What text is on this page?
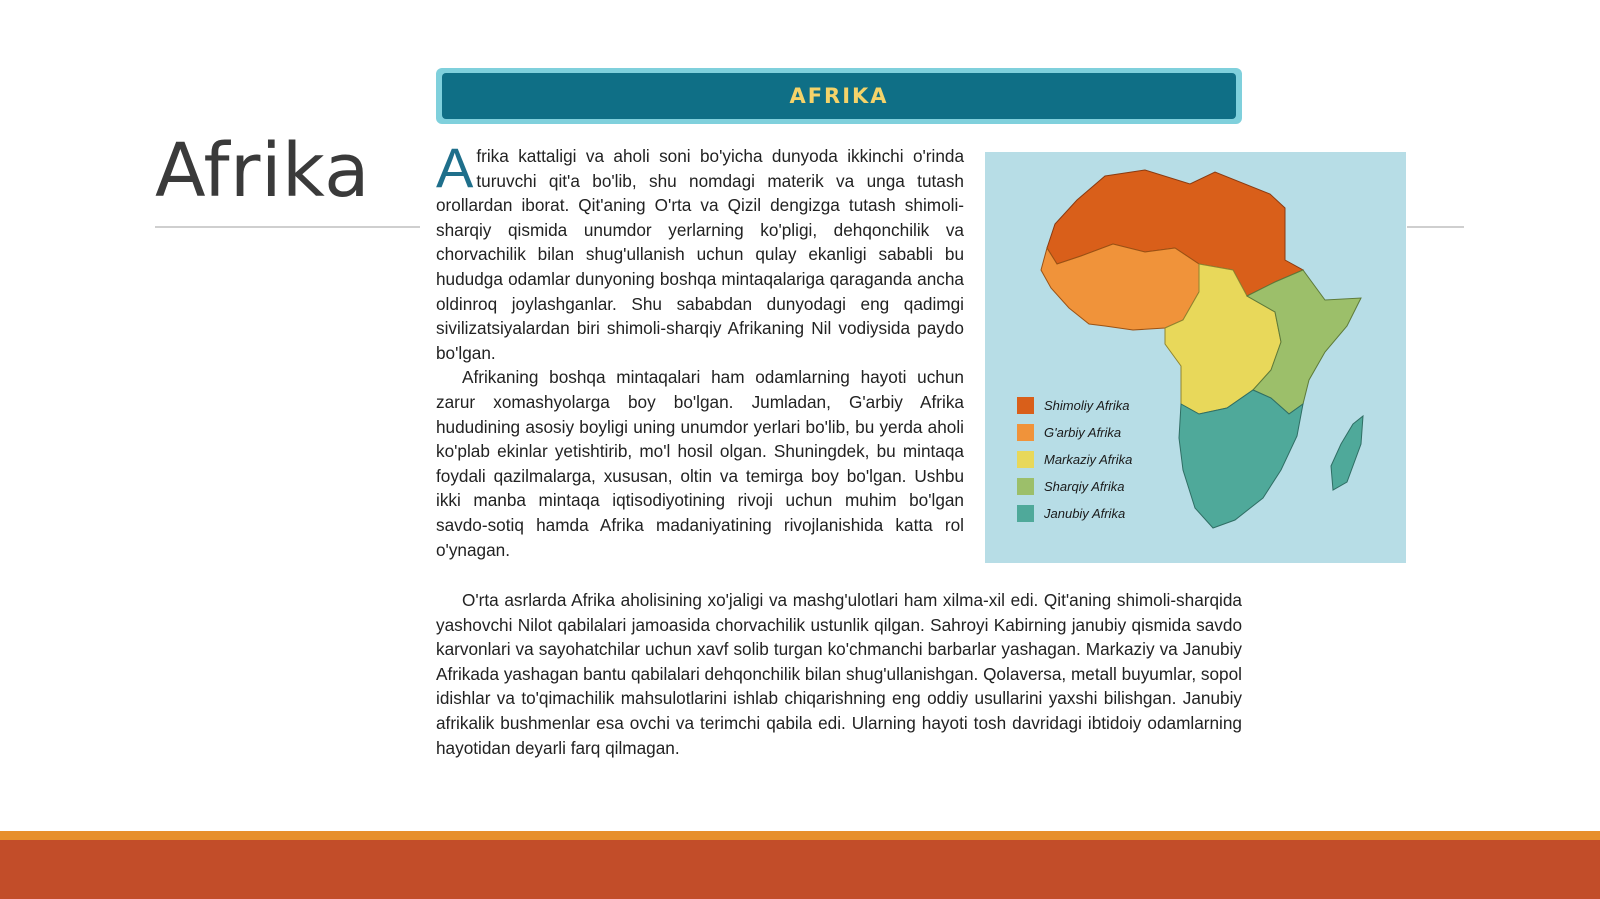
Afrika
AFRIKA

Afrika kattaligi va aholi soni bo'yicha dunyoda ikkinchi o'rinda turuvchi qit'a bo'lib, shu nomdagi materik va unga tutash orollardan iborat. Qit'aning O'rta va Qizil dengizga tutash shimoli-sharqiy qismida unumdor yerlarning ko'pligi, dehqonchilik va chorvachilik bilan shug'ullanish uchun qulay ekanligi sababli bu hududga odamlar dunyoning boshqa mintaqalariga qaraganda ancha oldinroq joylashganlar. Shu sababdan dunyodagi eng qadimgi sivilizatsiyalardan biri shimoli-sharqiy Afrikaning Nil vodiysida paydo bo'lgan.

Afrikaning boshqa mintaqalari ham odamlarning hayoti uchun zarur xomashyolarga boy bo'lgan. Jumladan, G'arbiy Afrika hududining asosiy boyligi uning unumdor yerlari bo'lib, bu yerda aholi ko'plab ekinlar yetishtirib, mo'l hosil olgan. Shuningdek, bu mintaqa foydali qazilmalarga, xususan, oltin va temirga boy bo'lgan. Ushbu ikki manba mintaqa iqtisodiyotining rivoji uchun muhim bo'lgan savdo-sotiq hamda Afrika madaniyatining rivojlanishida katta rol o'ynagan.

O'rta asrlarda Afrika aholisining xo'jaligi va mashg'ulotlari ham xilma-xil edi. Qit'aning shimoli-sharqida yashovchi Nilot qabilalari jamoasida chorvachilik ustunlik qilgan. Sahroyi Kabirning janubiy qismida savdo karvonlari va sayohatchilar uchun xavf solib turgan ko'chmanchi barbarlar yashagan. Markaziy va Janubiy Afrikada yashagan bantu qabilalari dehqonchilik bilan shug'ullanishgan. Qolaversa, metall buyumlar, sopol idishlar va to'qimachilik mahsulotlarini ishlab chiqarishning eng oddiy usullarini yaxshi bilishgan. Janubiy afrikalik bushmenlar esa ovchi va terimchi qabila edi. Ularning hayoti tosh davridagi ibtidoiy odamlarning hayotidan deyarli farq qilmagan.

Shimoliy Afrika
G'arbiy Afrika
Markaziy Afrika
Sharqiy Afrika
Janubiy Afrika
